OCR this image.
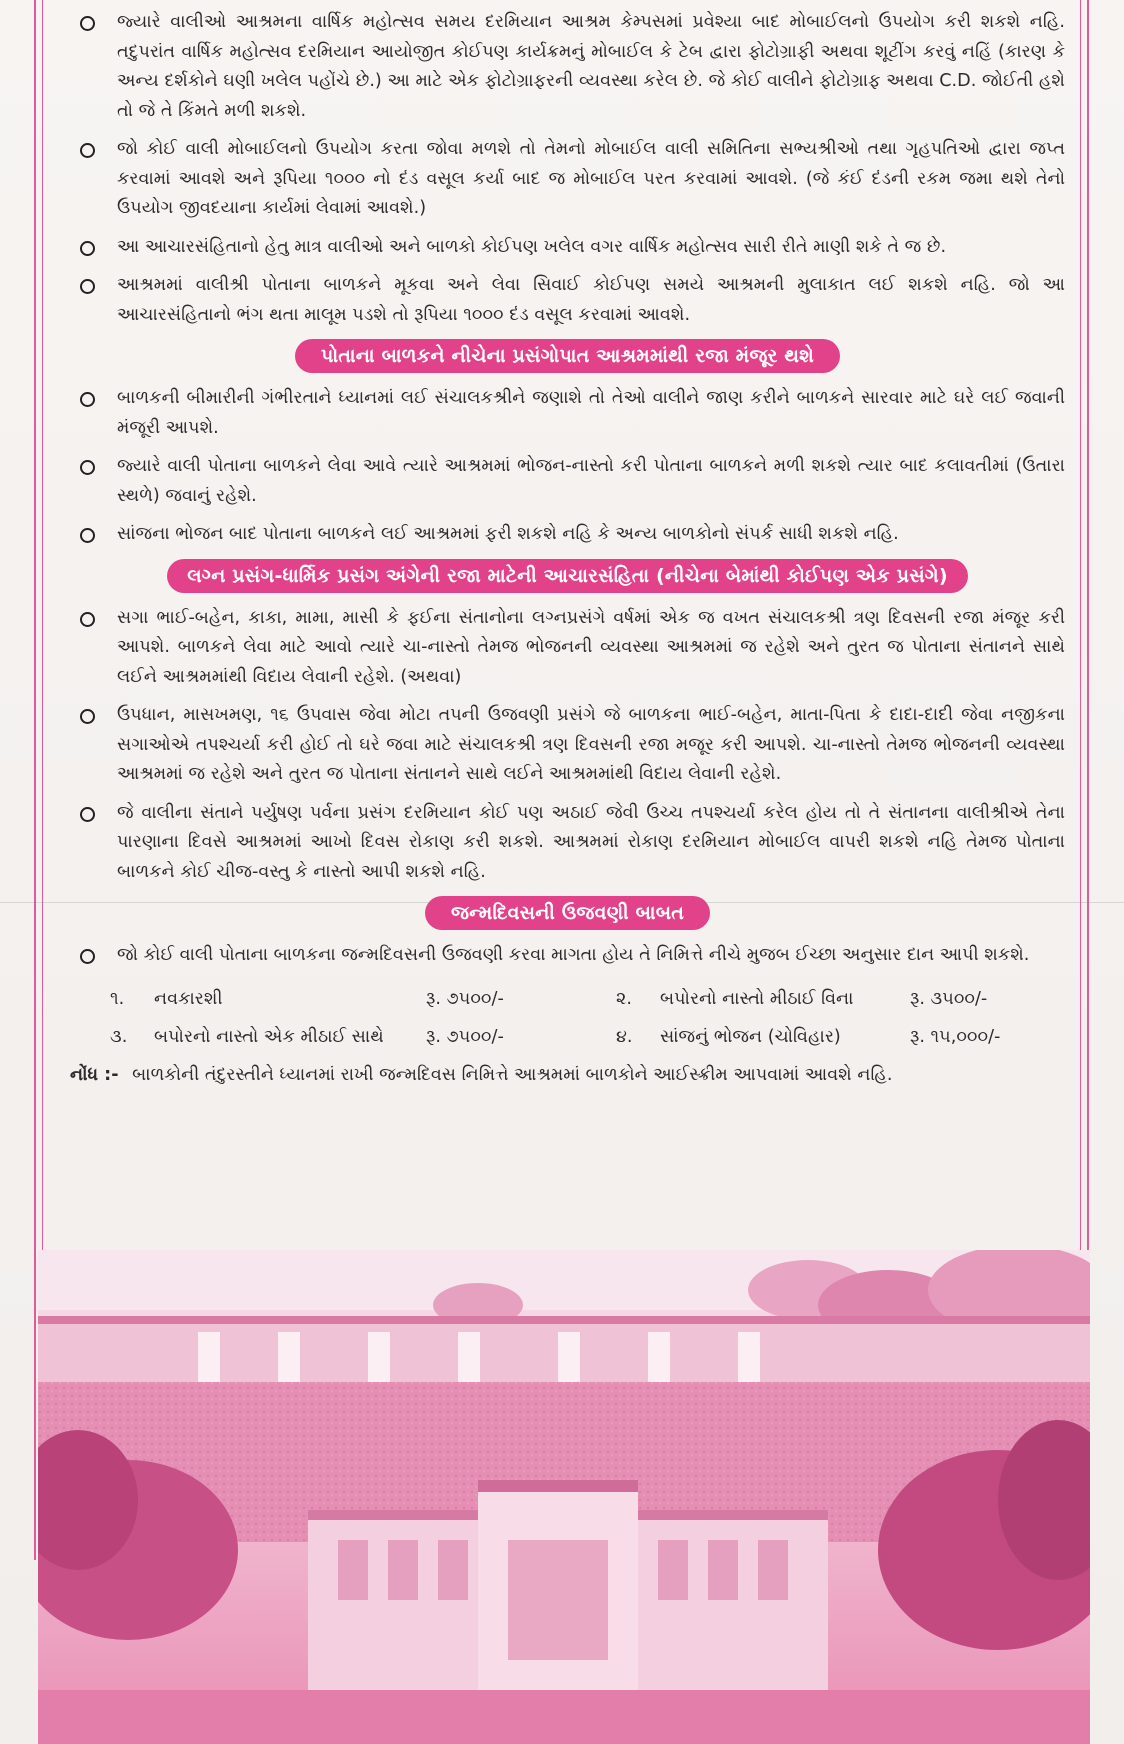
જ્યારે વાલીઓ આશ્રમના વાર્ષિક મહોત્સવ સમય દરમિયાન આશ્રમ કેમ્પસમાં પ્રવેશ્યા બાદ મોબાઈલનો ઉપયોગ કરી શકશે નહિ. તદુપરાંત વાર્ષિક મહોત્સવ દરમિયાન આયોજીત કોઈપણ કાર્યક્રમનું મોબાઈલ કે ટેબ દ્વારા ફોટોગ્રાફી અથવા શૂટીંગ કરવું નહિં (કારણ કે અન્ય દર્શકોને ઘણી ખલેલ પહોંચે છે.) આ માટે એક ફોટોગ્રાફરની વ્યવસ્થા કરેલ છે. જે કોઈ વાલીને ફોટોગ્રાફ અથવા C.D. જોઈતી હશે તો જે તે કિંમતે મળી શકશે.
જો કોઈ વાલી મોબાઈલનો ઉપયોગ કરતા જોવા મળશે તો તેમનો મોબાઈલ વાલી સમિતિના સભ્યશ્રીઓ તથા ગૃહપતિઓ દ્વારા જપ્ત કરવામાં આવશે અને રૂપિયા ૧૦૦૦ નો દંડ વસૂલ કર્યા બાદ જ મોબાઈલ પરત કરવામાં આવશે. (જે કંઈ દંડની રકમ જમા થશે તેનો ઉપયોગ જીવદયાના કાર્યમાં લેવામાં આવશે.)
આ આચારસંહિતાનો હેતુ માત્ર વાલીઓ અને બાળકો કોઈપણ ખલેલ વગર વાર્ષિક મહોત્સવ સારી રીતે માણી શકે તે જ છે.
આશ્રમમાં વાલીશ્રી પોતાના બાળકને મૂકવા અને લેવા સિવાઈ કોઈપણ સમયે આશ્રમની મુલાકાત લઈ શકશે નહિ. જો આ આચારસંહિતાનો ભંગ થતા માલૂમ પડશે તો રૂપિયા ૧૦૦૦ દંડ વસૂલ કરવામાં આવશે.
પોતાના બાળકને નીચેના પ્રસંગોપાત આશ્રમમાંથી રજા મંજૂર થશે
બાળકની બીમારીની ગંભીરતાને ધ્યાનમાં લઈ સંચાલકશ્રીને જણાશે તો તેઓ વાલીને જાણ કરીને બાળકને સારવાર માટે ઘરે લઈ જવાની મંજૂરી આપશે.
જ્યારે વાલી પોતાના બાળકને લેવા આવે ત્યારે આશ્રમમાં ભોજન-નાસ્તો કરી પોતાના બાળકને મળી શકશે ત્યાર બાદ કલાવતીમાં (ઉતારા સ્થળે) જવાનું રહેશે.
સાંજના ભોજન બાદ પોતાના બાળકને લઈ આશ્રમમાં ફરી શકશે નહિ કે અન્ય બાળકોનો સંપર્ક સાધી શકશે નહિ.
લગ્ન પ્રસંગ-ધાર્મિક પ્રસંગ અંગેની રજા માટેની આચારસંહિતા (નીચેના બેમાંથી કોઈપણ એક પ્રસંગે)
સગા ભાઈ-બહેન, કાકા, મામા, માસી કે ફઈના સંતાનોના લગ્નપ્રસંગે વર્ષમાં એક જ વખત સંચાલકશ્રી ત્રણ દિવસની રજા મંજૂર કરી આપશે. બાળકને લેવા માટે આવો ત્યારે ચા-નાસ્તો તેમજ ભોજનની વ્યવસ્થા આશ્રમમાં જ રહેશે અને તુરત જ પોતાના સંતાનને સાથે લઈને આશ્રમમાંથી વિદાય લેવાની રહેશે. (અથવા)
ઉપધાન, માસખમણ, ૧૬ ઉપવાસ જેવા મોટા તપની ઉજવણી પ્રસંગે જે બાળકના ભાઈ-બહેન, માતા-પિતા કે દાદા-દાદી જેવા નજીકના સગાઓએ તપશ્ચર્યા કરી હોઈ તો ઘરે જવા માટે સંચાલકશ્રી ત્રણ દિવસની રજા મજૂર કરી આપશે. ચા-નાસ્તો તેમજ ભોજનની વ્યવસ્થા આશ્રમમાં જ રહેશે અને તુરત જ પોતાના સંતાનને સાથે લઈને આશ્રમમાંથી વિદાય લેવાની રહેશે.
જે વાલીના સંતાને પર્યુષણ પર્વના પ્રસંગ દરમિયાન કોઈ પણ અઠાઈ જેવી ઉચ્ચ તપશ્ચર્યા કરેલ હોય તો તે સંતાનના વાલીશ્રીએ તેના પારણાના દિવસે આશ્રમમાં આખો દિવસ રોકાણ કરી શકશે. આશ્રમમાં રોકાણ દરમિયાન મોબાઈલ વાપરી શકશે નહિ તેમજ પોતાના બાળકને કોઈ ચીજ-વસ્તુ કે નાસ્તો આપી શકશે નહિ.
જન્મદિવસની ઉજવણી બાબત
જો કોઈ વાલી પોતાના બાળકના જન્મદિવસની ઉજવણી કરવા માગતા હોય તે નિમિત્તે નીચે મુજબ ઈચ્છા અનુસાર દાન આપી શકશે.
૧.	નવકારશી	રૂ. ૭૫૦૦/-	૨.	બપોરનો નાસ્તો મીઠાઈ વિના	રૂ. ૩૫૦૦/-
૩.	બપોરનો નાસ્તો એક મીઠાઈ સાથે	રૂ. ૭૫૦૦/-	૪.	સાંજનું ભોજન (ચોવિહાર)	રૂ. ૧૫,૦૦૦/-
નોંધ :- બાળકોની તંદુરસ્તીને ધ્યાનમાં રાખી જન્મદિવસ નિમિત્તે આશ્રમમાં બાળકોને આઈસ્ક્રીમ આપવામાં આવશે નહિ.
